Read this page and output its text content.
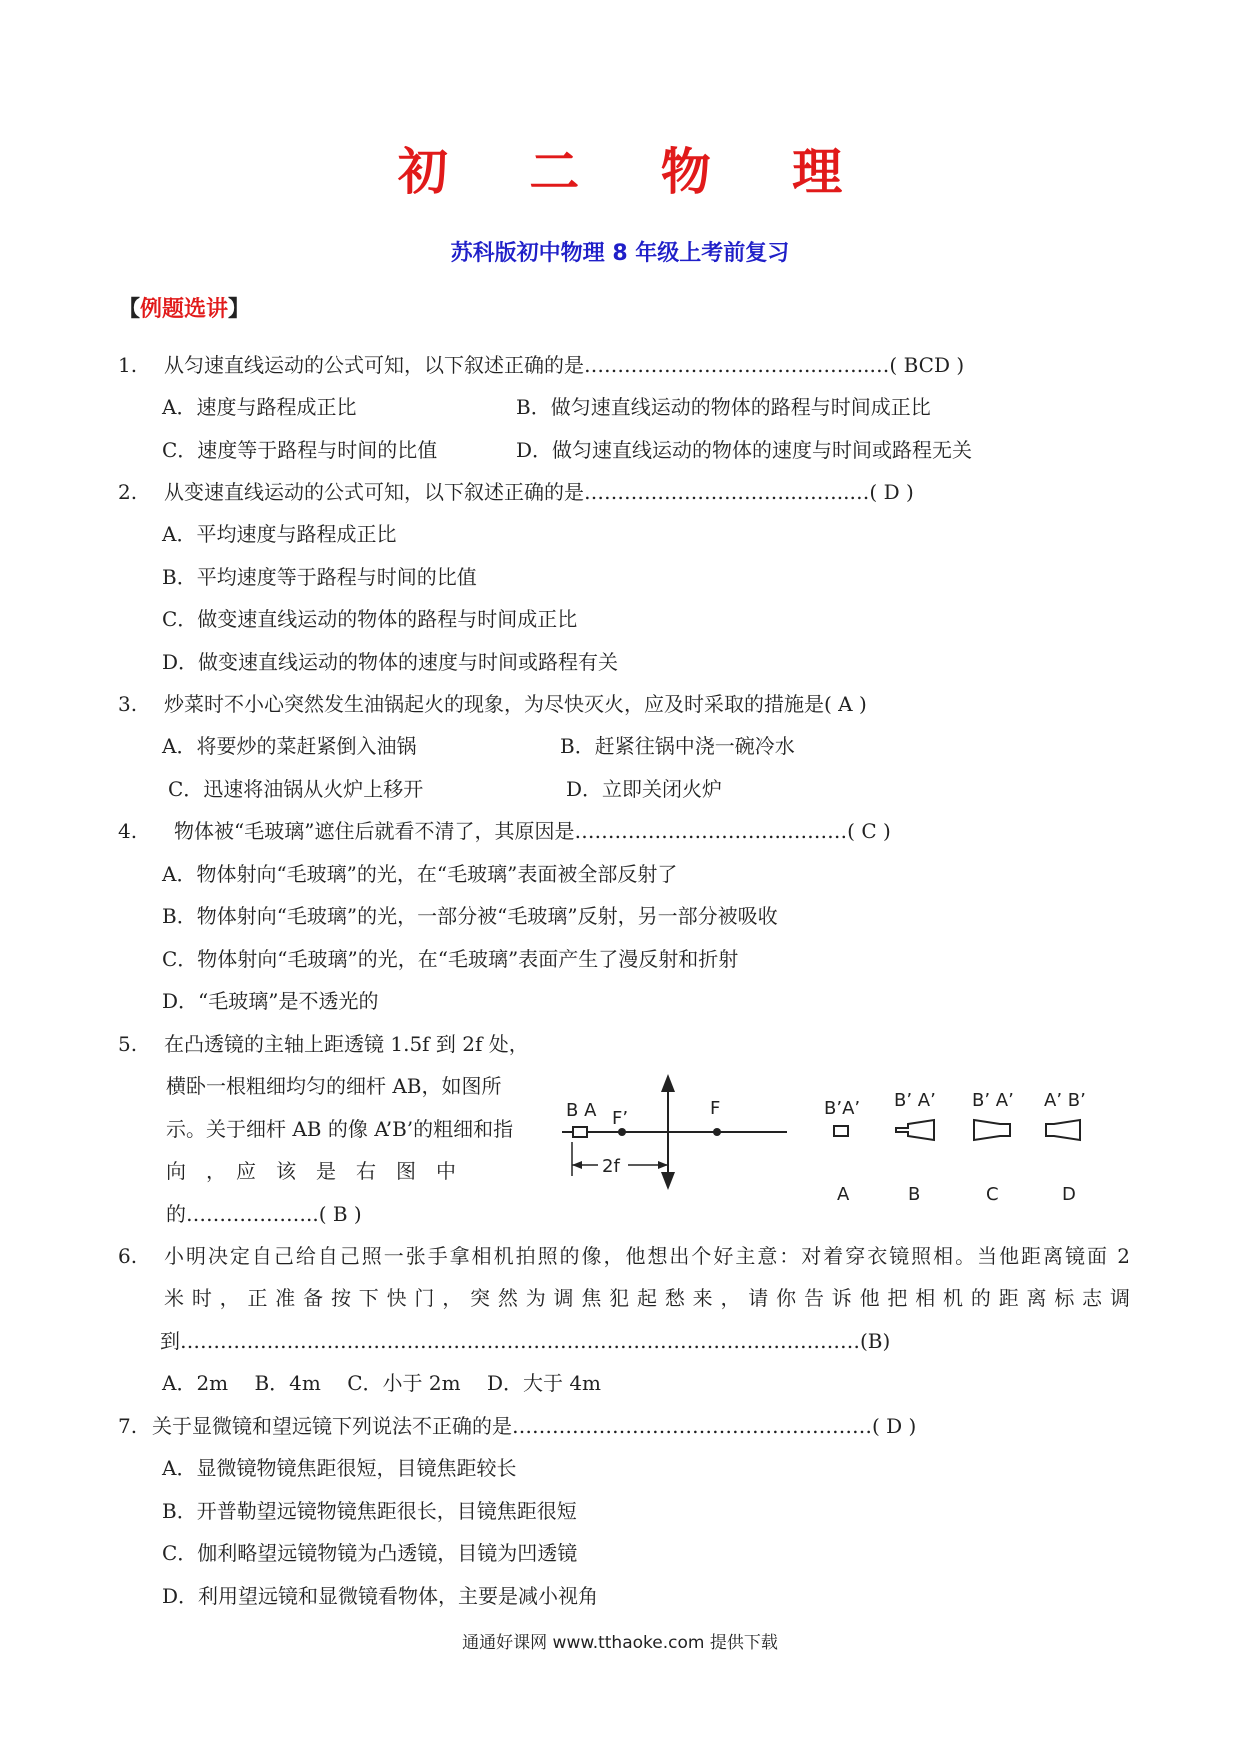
初 二 物 理
苏科版初中物理 8 年级上考前复习
【例题选讲】
1. 从匀速直线运动的公式可知，以下叙述正确的是……………………………..……..…( BCD )
A．速度与路程成正比	B．做匀速直线运动的物体的路程与时间成正比
C．速度等于路程与时间的比值	D．做匀速直线运动的物体的速度与时间或路程无关
2. 从变速直线运动的公式可知，以下叙述正确的是…………………………..……..…( D )
A．平均速度与路程成正比
B．平均速度等于路程与时间的比值
C．做变速直线运动的物体的路程与时间成正比
D．做变速直线运动的物体的速度与时间或路程有关
3. 炒菜时不小心突然发生油锅起火的现象，为尽快灭火，应及时采取的措施是( A )
A．将要炒的菜赶紧倒入油锅	B．赶紧往锅中浇一碗冷水
C．迅速将油锅从火炉上移开	D．立即关闭火炉
4. 物体被“毛玻璃”遮住后就看不清了，其原因是…………………………..………( C )
A．物体射向“毛玻璃”的光，在“毛玻璃”表面被全部反射了
B．物体射向“毛玻璃”的光，一部分被“毛玻璃”反射，另一部分被吸收
C．物体射向“毛玻璃”的光，在“毛玻璃”表面产生了漫反射和折射
D．“毛玻璃”是不透光的
5. 在凸透镜的主轴上距透镜 1.5f 到 2f 处，
横卧一根粗细均匀的细杆 AB，如图所
示。关于细杆 AB 的像 A’B’的粗细和指
向　，　应　该　是　右　图　中
的………………..( B )
B A F’	F
2f
B’A’
A
B’ A’
B
B’ A’
C
A’ B’
D
6. 小明决定自己给自己照一张手拿相机拍照的像，他想出个好主意：对着穿衣镜照相。当他距离镜面 2
米时，正准备按下快门，突然为调焦犯起愁来，请你告诉他把相机的距离标志调
到…………………………………………………………………………………………(B)
A．2m　 B．4m　 C．小于 2m　 D．大于 4m
7. 关于显微镜和望远镜下列说法不正确的是………………………………………………( D )
A．显微镜物镜焦距很短，目镜焦距较长
B．开普勒望远镜物镜焦距很长，目镜焦距很短
C．伽利略望远镜物镜为凸透镜，目镜为凹透镜
D．利用望远镜和显微镜看物体，主要是减小视角
通通好课网 www.tthaoke.com 提供下载
